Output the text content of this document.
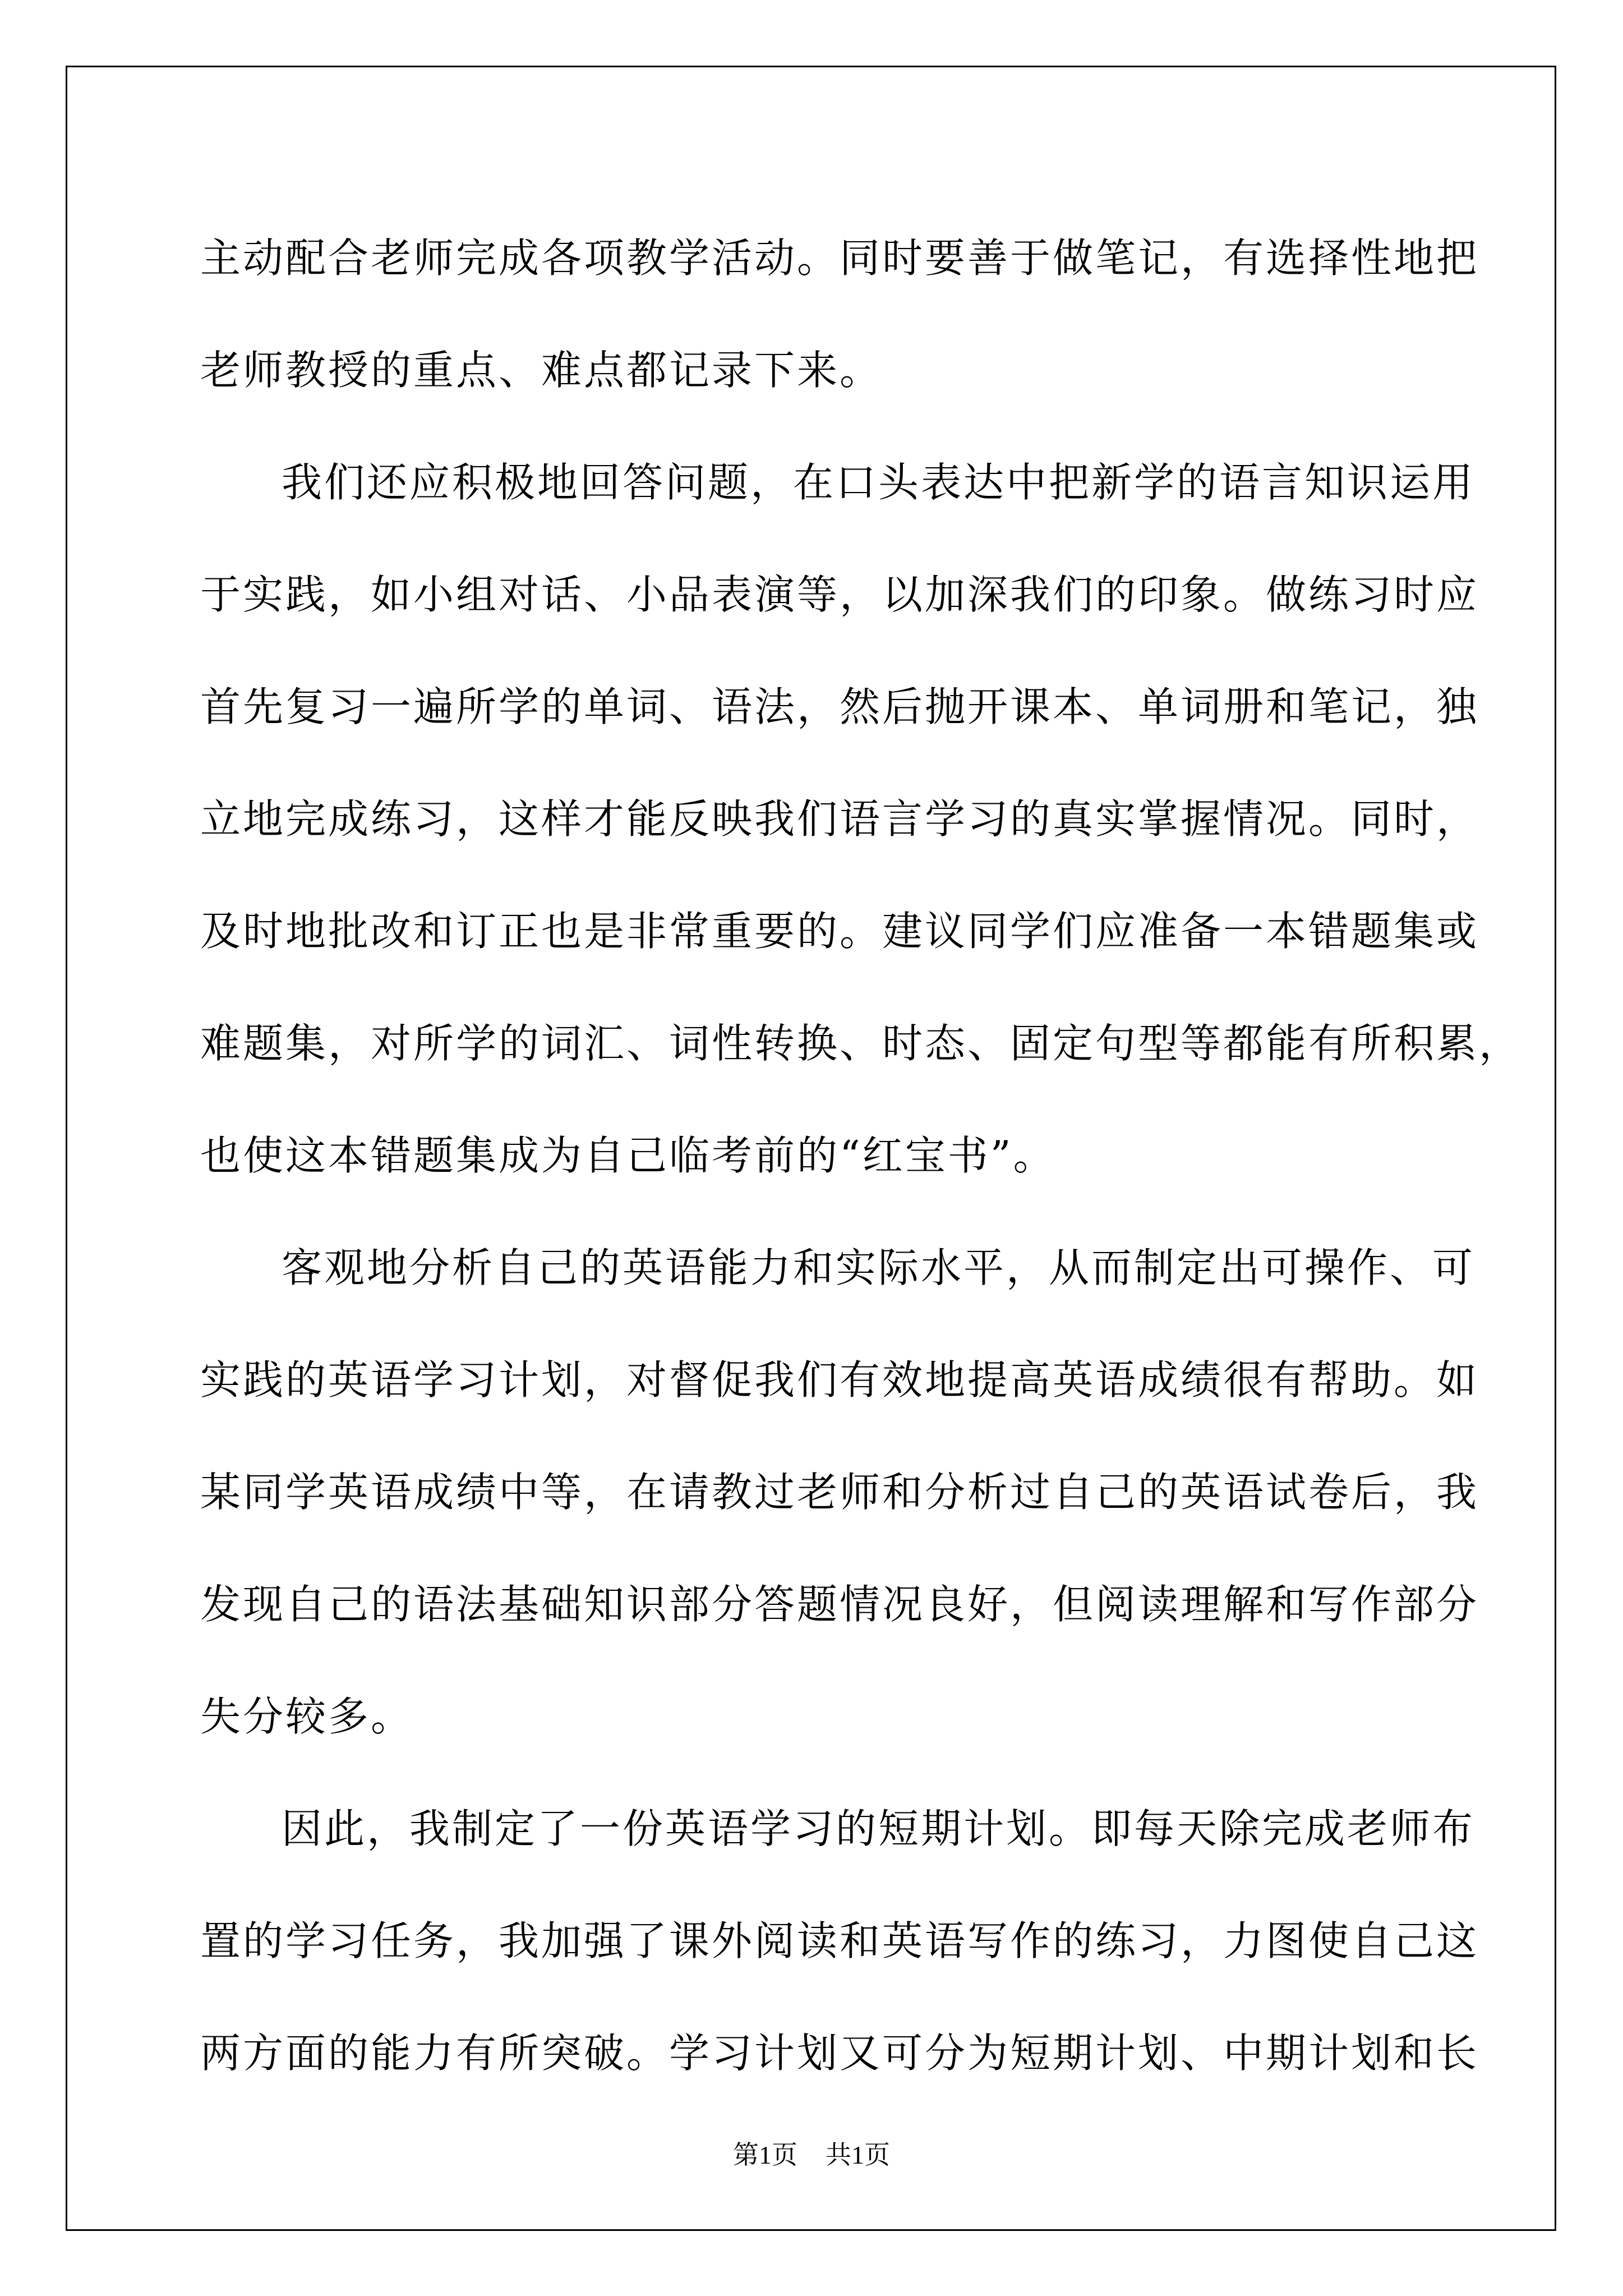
主动配合老师完成各项教学活动。同时要善于做笔记，有选择性地把
老师教授的重点、难点都记录下来。
我们还应积极地回答问题，在口头表达中把新学的语言知识运用
于实践，如小组对话、小品表演等，以加深我们的印象。做练习时应
首先复习一遍所学的单词、语法，然后抛开课本、单词册和笔记，独
立地完成练习，这样才能反映我们语言学习的真实掌握情况。同时，
及时地批改和订正也是非常重要的。建议同学们应准备一本错题集或
难题集，对所学的词汇、词性转换、时态、固定句型等都能有所积累，
也使这本错题集成为自己临考前的“红宝书”。
客观地分析自己的英语能力和实际水平，从而制定出可操作、可
实践的英语学习计划，对督促我们有效地提高英语成绩很有帮助。如
某同学英语成绩中等，在请教过老师和分析过自己的英语试卷后，我
发现自己的语法基础知识部分答题情况良好，但阅读理解和写作部分
失分较多。
因此，我制定了一份英语学习的短期计划。即每天除完成老师布
置的学习任务，我加强了课外阅读和英语写作的练习，力图使自己这
两方面的能力有所突破。学习计划又可分为短期计划、中期计划和长
第1页 共1页
